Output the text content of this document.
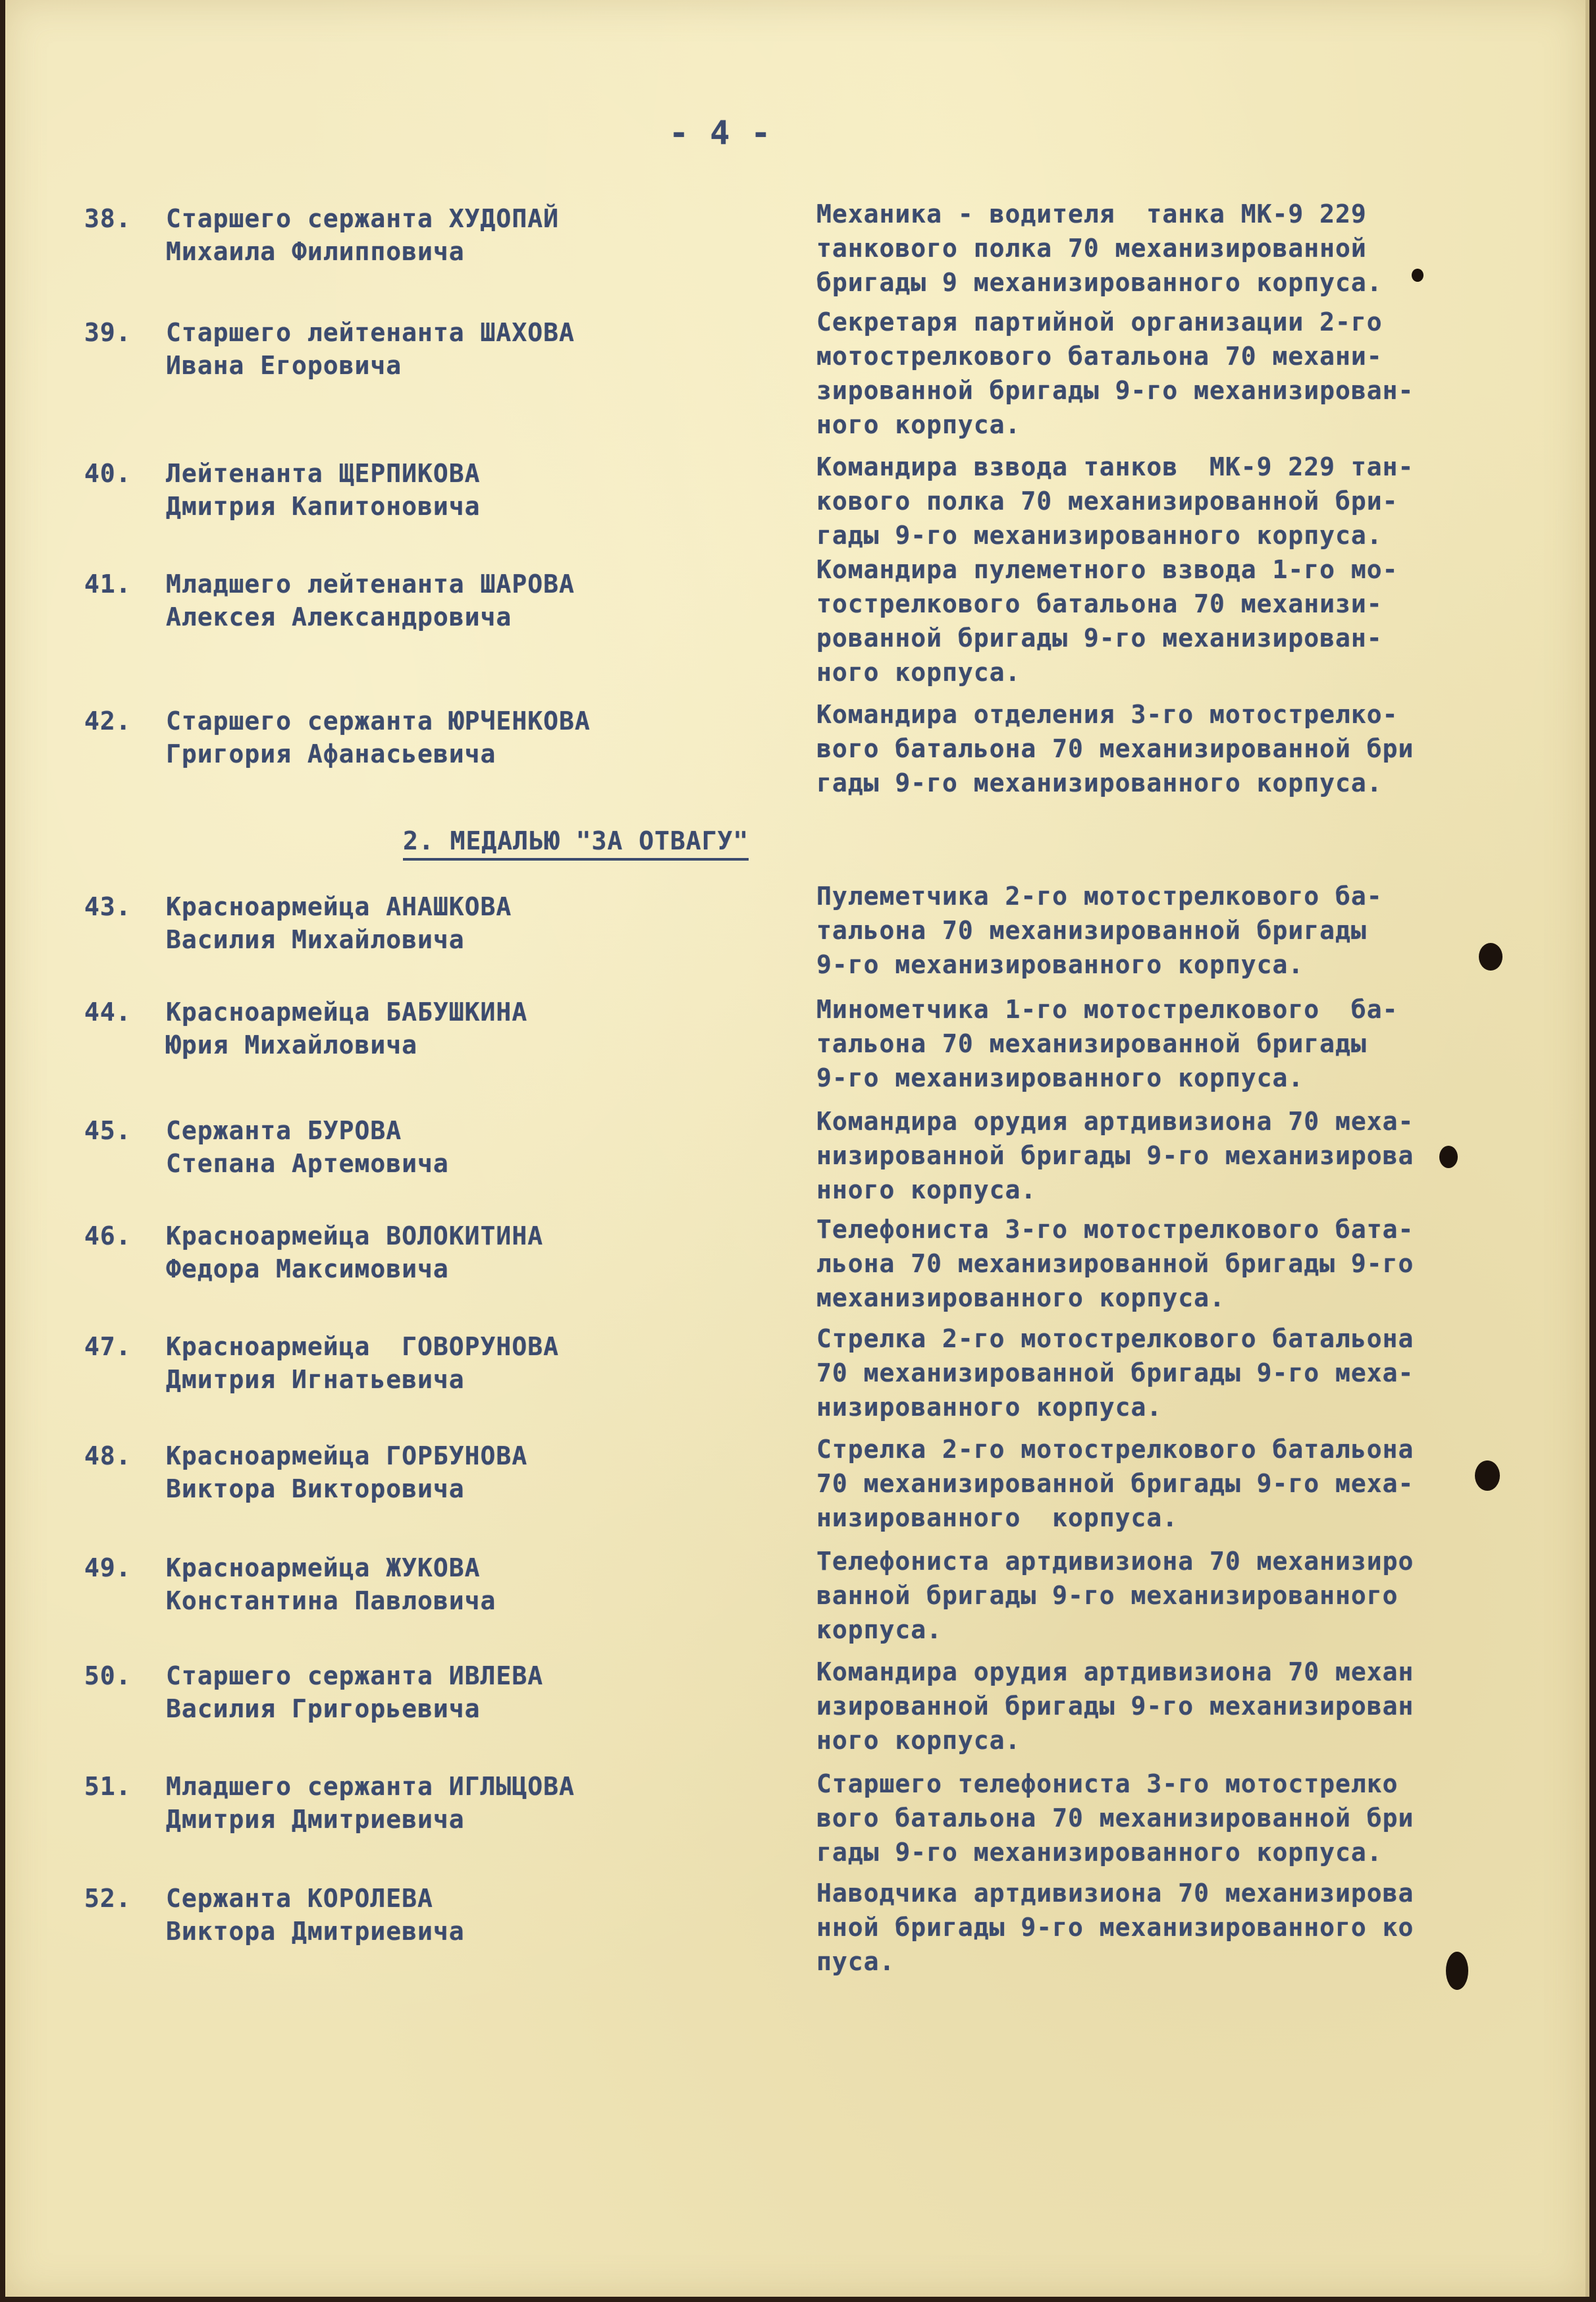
- 4 -
38. Старшего сержанта ХУДОПАЙ
Михаила Филипповича
Механика - водителя  танка МК-9 229
танкового полка 70 механизированной
бригады 9 механизированного корпуса.
39. Старшего лейтенанта ШАХОВА
Ивана Егоровича
Секретаря партийной организации 2-го
мотострелкового батальона 70 механи-
зированной бригады 9-го механизирован-
ного корпуса.
40. Лейтенанта ЩЕРПИКОВА
Дмитрия Капитоновича
Командира взвода танков  МК-9 229 тан-
кового полка 70 механизированной бри-
гады 9-го механизированного корпуса.
41. Младшего лейтенанта ШАРОВА
Алексея Александровича
Командира пулеметного взвода 1-го мо-
тострелкового батальона 70 механизи-
рованной бригады 9-го механизирован-
ного корпуса.
42. Старшего сержанта ЮРЧЕНКОВА
Григория Афанасьевича
Командира отделения 3-го мотострелко-
вого батальона 70 механизированной бри
гады 9-го механизированного корпуса.
2. МЕДАЛЬЮ "ЗА ОТВАГУ"
43. Красноармейца АНАШКОВА
Василия Михайловича
Пулеметчика 2-го мотострелкового ба-
тальона 70 механизированной бригады
9-го механизированного корпуса.
44. Красноармейца БАБУШКИНА
Юрия Михайловича
Минометчика 1-го мотострелкового  ба-
тальона 70 механизированной бригады
9-го механизированного корпуса.
45. Сержанта БУРОВА
Степана Артемовича
Командира орудия артдивизиона 70 меха-
низированной бригады 9-го механизирова
нного корпуса.
46. Красноармейца ВОЛОКИТИНА
Федора Максимовича
Телефониста 3-го мотострелкового бата-
льона 70 механизированной бригады 9-го
механизированного корпуса.
47. Красноармейца  ГОВОРУНОВА
Дмитрия Игнатьевича
Стрелка 2-го мотострелкового батальона
70 механизированной бригады 9-го меха-
низированного корпуса.
48. Красноармейца ГОРБУНОВА
Виктора Викторовича
Стрелка 2-го мотострелкового батальона
70 механизированной бригады 9-го меха-
низированного  корпуса.
49. Красноармейца ЖУКОВА
Константина Павловича
Телефониста артдивизиона 70 механизиро
ванной бригады 9-го механизированного
корпуса.
50. Старшего сержанта ИВЛЕВА
Василия Григорьевича
Командира орудия артдивизиона 70 механ
изированной бригады 9-го механизирован
ного корпуса.
51. Младшего сержанта ИГЛЫЦОВА
Дмитрия Дмитриевича
Старшего телефониста 3-го мотострелко
вого батальона 70 механизированной бри
гады 9-го механизированного корпуса.
52. Сержанта КОРОЛЕВА
Виктора Дмитриевича
Наводчика артдивизиона 70 механизирова
нной бригады 9-го механизированного ко
пуса.
